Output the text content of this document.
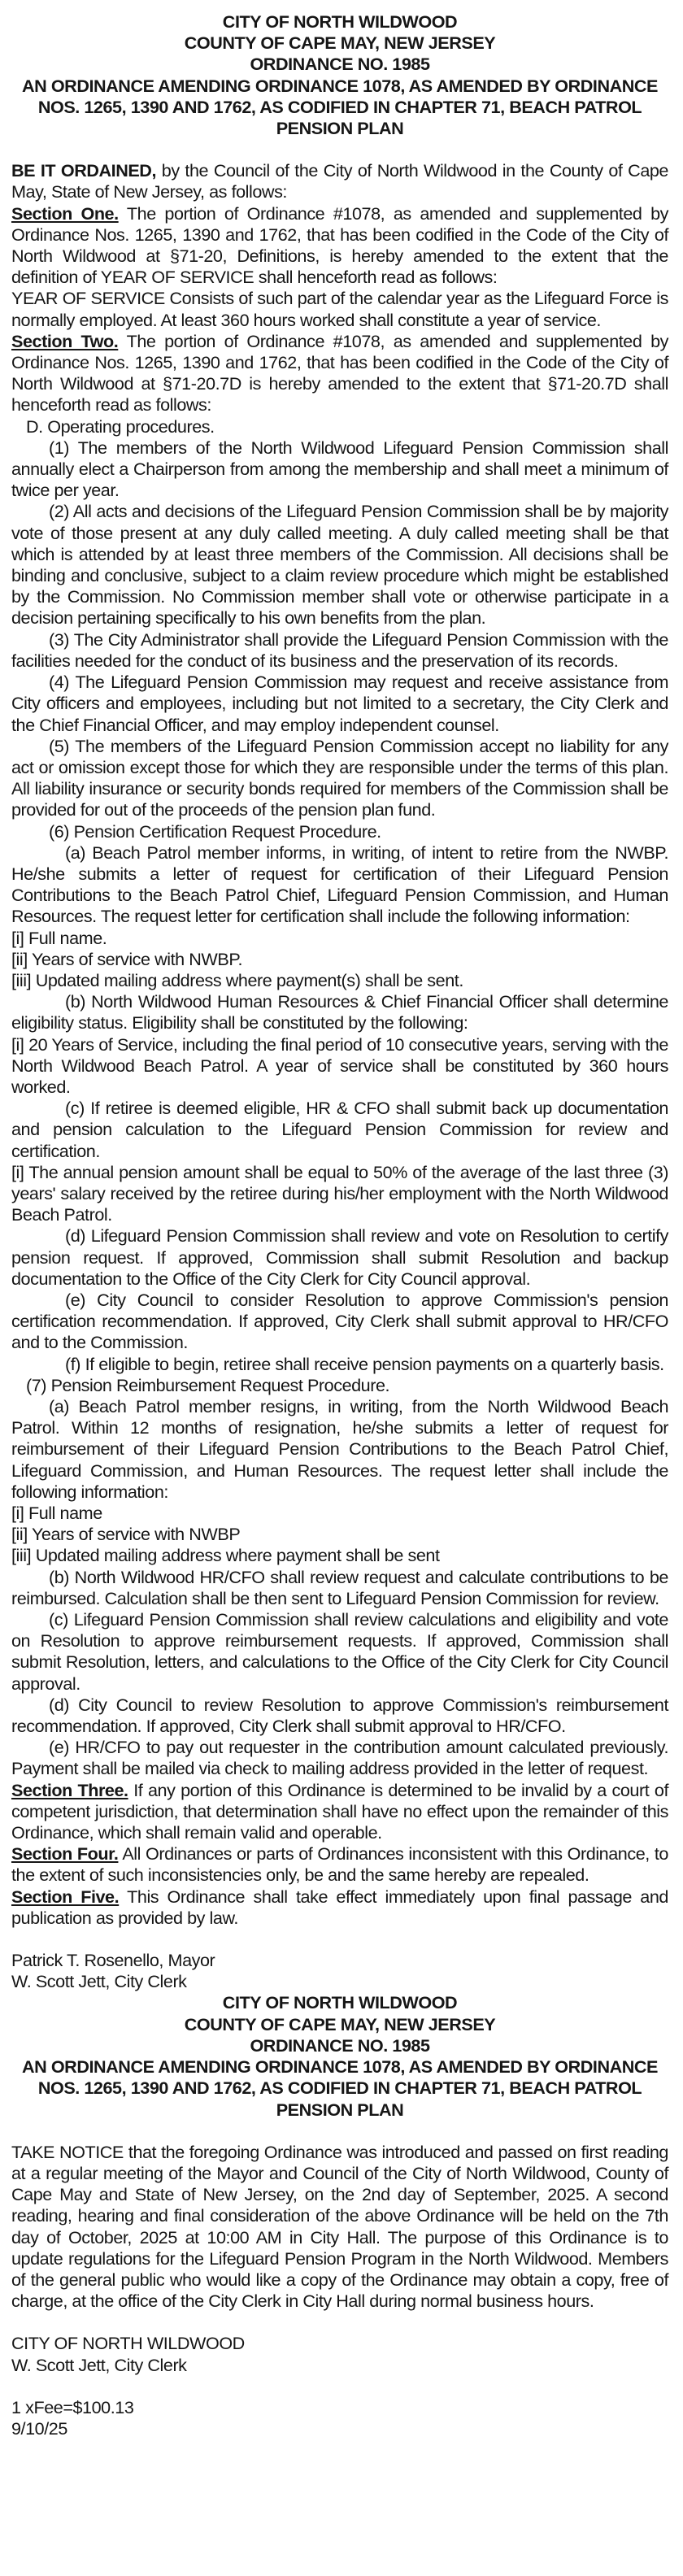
CITY OF NORTH WILDWOOD
COUNTY OF CAPE MAY, NEW JERSEY
ORDINANCE NO. 1985
AN ORDINANCE AMENDING ORDINANCE 1078, AS AMENDED BY ORDINANCE NOS. 1265, 1390 AND 1762, AS CODIFIED IN CHAPTER 71, BEACH PATROL PENSION PLAN

BE IT ORDAINED, by the Council of the City of North Wildwood in the County of Cape May, State of New Jersey, as follows:

Section One. The portion of Ordinance #1078, as amended and supplemented by Ordinance Nos. 1265, 1390 and 1762, that has been codified in the Code of the City of North Wildwood at §71-20, Definitions, is hereby amended to the extent that the definition of YEAR OF SERVICE shall henceforth read as follows:

YEAR OF SERVICE Consists of such part of the calendar year as the Lifeguard Force is normally employed. At least 360 hours worked shall constitute a year of service.

Section Two. The portion of Ordinance #1078, as amended and supplemented by Ordinance Nos. 1265, 1390 and 1762, that has been codified in the Code of the City of North Wildwood at §71-20.7D is hereby amended to the extent that §71-20.7D shall henceforth read as follows:

D. Operating procedures.

(1) The members of the North Wildwood Lifeguard Pension Commission shall annually elect a Chairperson from among the membership and shall meet a minimum of twice per year.

(2) All acts and decisions of the Lifeguard Pension Commission shall be by majority vote of those present at any duly called meeting. A duly called meeting shall be that which is attended by at least three members of the Commission. All decisions shall be binding and conclusive, subject to a claim review procedure which might be established by the Commission. No Commission member shall vote or otherwise participate in a decision pertaining specifically to his own benefits from the plan.

(3) The City Administrator shall provide the Lifeguard Pension Commission with the facilities needed for the conduct of its business and the preservation of its records.

(4) The Lifeguard Pension Commission may request and receive assistance from City officers and employees, including but not limited to a secretary, the City Clerk and the Chief Financial Officer, and may employ independent counsel.

(5) The members of the Lifeguard Pension Commission accept no liability for any act or omission except those for which they are responsible under the terms of this plan. All liability insurance or security bonds required for members of the Commission shall be provided for out of the proceeds of the pension plan fund.

(6) Pension Certification Request Procedure.

(a) Beach Patrol member informs, in writing, of intent to retire from the NWBP. He/she submits a letter of request for certification of their Lifeguard Pension Contributions to the Beach Patrol Chief, Lifeguard Pension Commission, and Human Resources. The request letter for certification shall include the following information:

[i] Full name.

[ii] Years of service with NWBP.

[iii] Updated mailing address where payment(s) shall be sent.

(b) North Wildwood Human Resources & Chief Financial Officer shall determine eligibility status. Eligibility shall be constituted by the following:

[i] 20 Years of Service, including the final period of 10 consecutive years, serving with the North Wildwood Beach Patrol. A year of service shall be constituted by 360 hours worked.

(c) If retiree is deemed eligible, HR & CFO shall submit back up documentation and pension calculation to the Lifeguard Pension Commission for review and certification.

[i] The annual pension amount shall be equal to 50% of the average of the last three (3) years' salary received by the retiree during his/her employment with the North Wildwood Beach Patrol.

(d) Lifeguard Pension Commission shall review and vote on Resolution to certify pension request. If approved, Commission shall submit Resolution and backup documentation to the Office of the City Clerk for City Council approval.

(e) City Council to consider Resolution to approve Commission's pension certification recommendation. If approved, City Clerk shall submit approval to HR/CFO and to the Commission.

(f) If eligible to begin, retiree shall receive pension payments on a quarterly basis.

(7) Pension Reimbursement Request Procedure.

(a) Beach Patrol member resigns, in writing, from the North Wildwood Beach Patrol. Within 12 months of resignation, he/she submits a letter of request for reimbursement of their Lifeguard Pension Contributions to the Beach Patrol Chief, Lifeguard Commission, and Human Resources. The request letter shall include the following information:

[i] Full name

[ii] Years of service with NWBP

[iii] Updated mailing address where payment shall be sent

(b) North Wildwood HR/CFO shall review request and calculate contributions to be reimbursed. Calculation shall be then sent to Lifeguard Pension Commission for review.

(c) Lifeguard Pension Commission shall review calculations and eligibility and vote on Resolution to approve reimbursement requests. If approved, Commission shall submit Resolution, letters, and calculations to the Office of the City Clerk for City Council approval.

(d) City Council to review Resolution to approve Commission's reimbursement recommendation. If approved, City Clerk shall submit approval to HR/CFO.

(e) HR/CFO to pay out requester in the contribution amount calculated previously. Payment shall be mailed via check to mailing address provided in the letter of request.

Section Three. If any portion of this Ordinance is determined to be invalid by a court of competent jurisdiction, that determination shall have no effect upon the remainder of this Ordinance, which shall remain valid and operable.

Section Four. All Ordinances or parts of Ordinances inconsistent with this Ordinance, to the extent of such inconsistencies only, be and the same hereby are repealed.

Section Five. This Ordinance shall take effect immediately upon final passage and publication as provided by law.

Patrick T. Rosenello, Mayor

W. Scott Jett, City Clerk

CITY OF NORTH WILDWOOD
COUNTY OF CAPE MAY, NEW JERSEY
ORDINANCE NO. 1985
AN ORDINANCE AMENDING ORDINANCE 1078, AS AMENDED BY ORDINANCE NOS. 1265, 1390 AND 1762, AS CODIFIED IN CHAPTER 71, BEACH PATROL PENSION PLAN

TAKE NOTICE that the foregoing Ordinance was introduced and passed on first reading at a regular meeting of the Mayor and Council of the City of North Wildwood, County of Cape May and State of New Jersey, on the 2nd day of September, 2025. A second reading, hearing and final consideration of the above Ordinance will be held on the 7th day of October, 2025 at 10:00 AM in City Hall. The purpose of this Ordinance is to update regulations for the Lifeguard Pension Program in the North Wildwood. Members of the general public who would like a copy of the Ordinance may obtain a copy, free of charge, at the office of the City Clerk in City Hall during normal business hours.

CITY OF NORTH WILDWOOD

W. Scott Jett, City Clerk

1 xFee=$100.13

9/10/25
